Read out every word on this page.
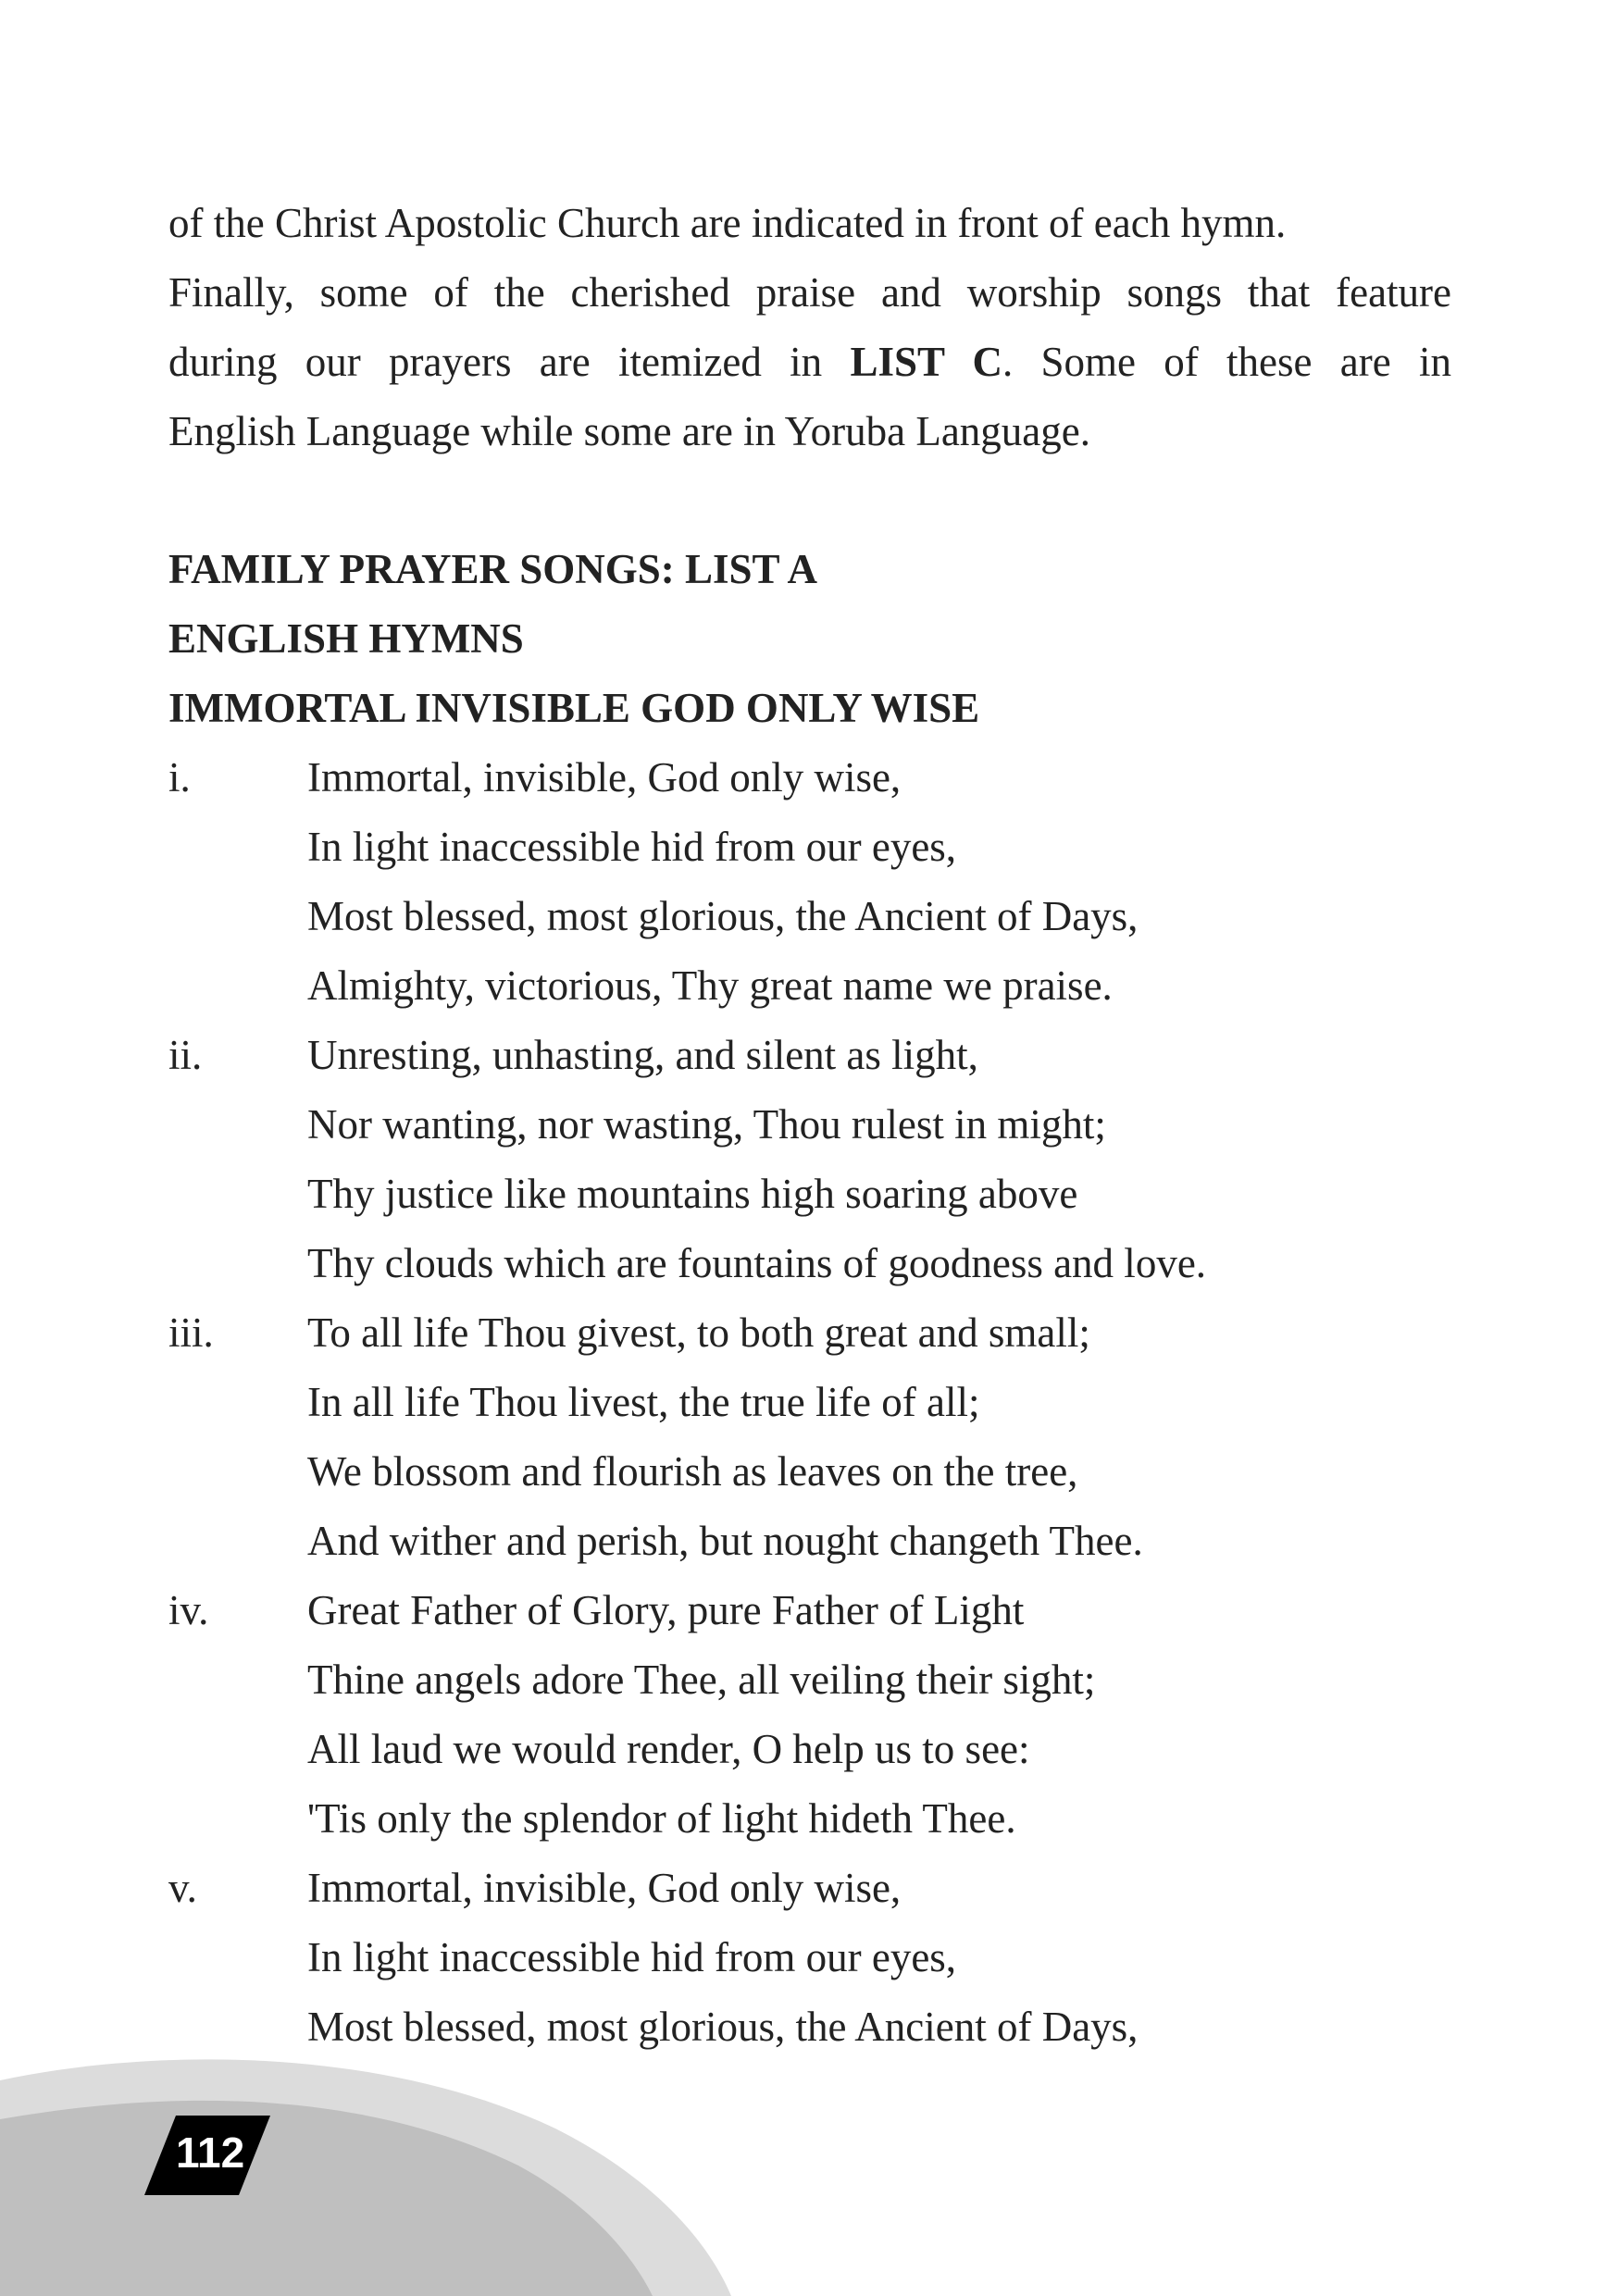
of the Christ Apostolic Church are indicated in front of each hymn.
Finally, some of the cherished praise and worship songs that feature
during our prayers are itemized in LIST C. Some of these are in
English Language while some are in Yoruba Language.
FAMILY PRAYER SONGS: LIST A
ENGLISH HYMNS
IMMORTAL INVISIBLE GOD ONLY WISE
i.	Immortal, invisible, God only wise,
In light inaccessible hid from our eyes,
Most blessed, most glorious, the Ancient of Days,
Almighty, victorious, Thy great name we praise.
ii.	Unresting, unhasting, and silent as light,
Nor wanting, nor wasting, Thou rulest in might;
Thy justice like mountains high soaring above
Thy clouds which are fountains of goodness and love.
iii. To all life Thou givest, to both great and small;
In all life Thou livest, the true life of all;
We blossom and flourish as leaves on the tree,
And wither and perish, but nought changeth Thee.
iv. Great Father of Glory, pure Father of Light
Thine angels adore Thee, all veiling their sight;
All laud we would render, O help us to see:
'Tis only the splendor of light hideth Thee.
v.	Immortal, invisible, God only wise,
In light inaccessible hid from our eyes,
Most blessed, most glorious, the Ancient of Days,
112
